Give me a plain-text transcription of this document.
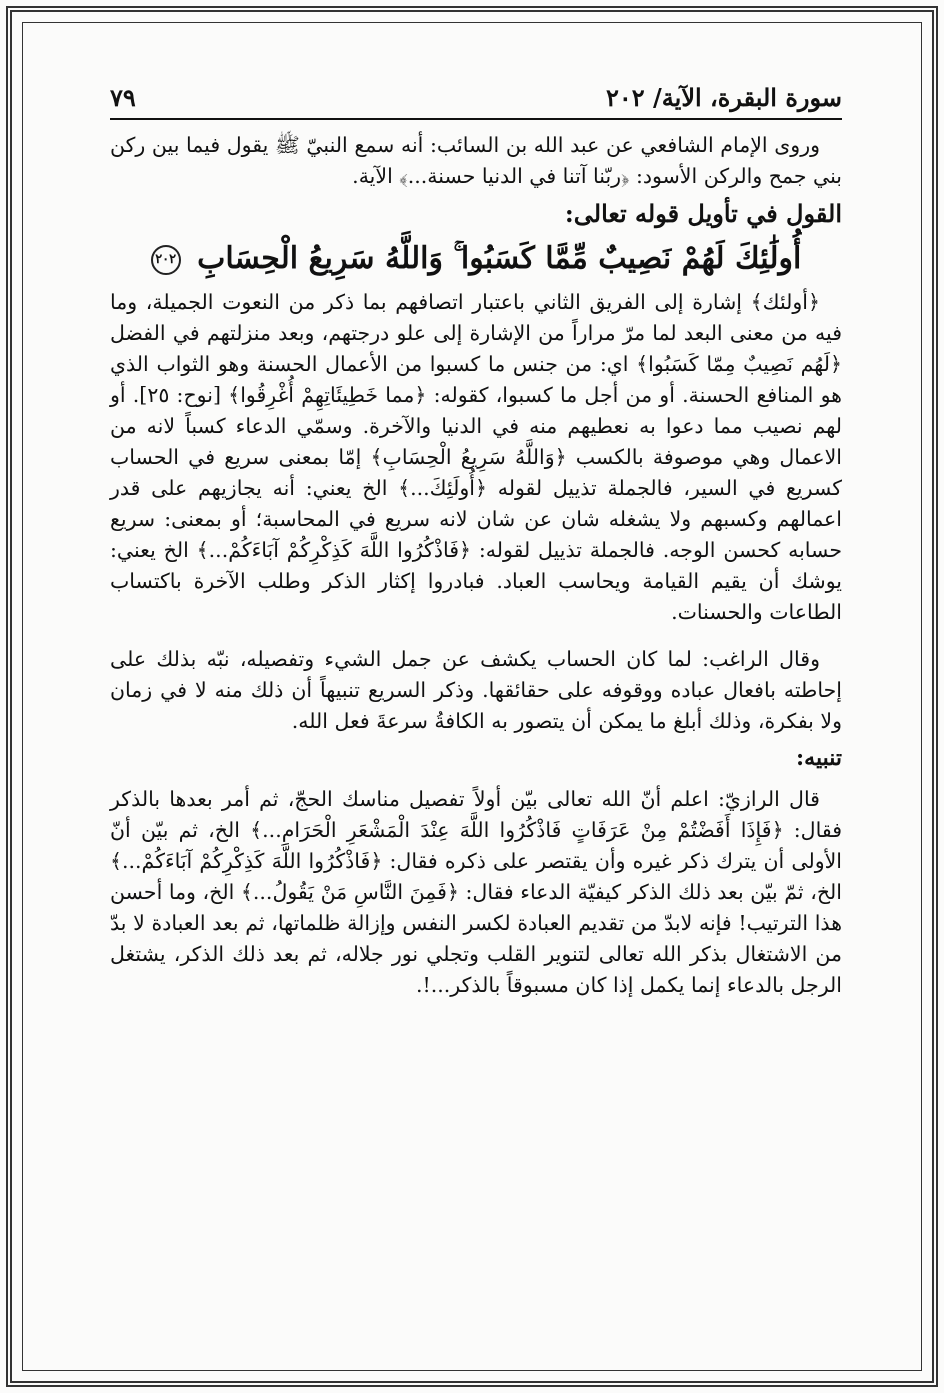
سورة البقرة، الآية/ ٢٠٢
٧٩

وروى الإمام الشافعي عن عبد الله بن السائب: أنه سمع النبيّ ﷺ يقول فيما بين ركن بني جمح والركن الأسود: ﴿ربّنا آتنا في الدنيا حسنة...﴾ الآية.

القول في تأويل قوله تعالى:
أُولَٰئِكَ لَهُمْ نَصِيبٌ مِّمَّا كَسَبُوا ۚ وَاللَّهُ سَرِيعُ الْحِسَابِ ٢٠٢

﴿أولئك﴾ إشارة إلى الفريق الثاني باعتبار اتصافهم بما ذكر من النعوت الجميلة، وما فيه من معنى البعد لما مرّ مراراً من الإشارة إلى علو درجتهم، وبعد منزلتهم في الفضل ﴿لَهُم نَصِيبٌ مِمّا كَسَبُوا﴾ اي: من جنس ما كسبوا من الأعمال الحسنة وهو الثواب الذي هو المنافع الحسنة. أو من أجل ما كسبوا، كقوله: ﴿مما خَطِيئَاتِهِمْ أُغْرِقُوا﴾ [نوح: ٢٥]. أو لهم نصيب مما دعوا به نعطيهم منه في الدنيا والآخرة. وسمّي الدعاء كسباً لانه من الاعمال وهي موصوفة بالكسب ﴿وَاللَّهُ سَرِيعُ الْحِسَابِ﴾ إمّا بمعنى سريع في الحساب كسريع في السير، فالجملة تذييل لقوله ﴿أُولَئِكَ...﴾ الخ يعني: أنه يجازيهم على قدر اعمالهم وكسبهم ولا يشغله شان عن شان لانه سريع في المحاسبة؛ أو بمعنى: سريع حسابه كحسن الوجه. فالجملة تذييل لقوله: ﴿فَاذْكُرُوا اللَّهَ كَذِكْرِكُمْ آبَاءَكُمْ...﴾ الخ يعني: يوشك أن يقيم القيامة ويحاسب العباد. فبادروا إكثار الذكر وطلب الآخرة باكتساب الطاعات والحسنات.

وقال الراغب: لما كان الحساب يكشف عن جمل الشيء وتفصيله، نبّه بذلك على إحاطته بافعال عباده ووقوفه على حقائقها. وذكر السريع تنبيهاً أن ذلك منه لا في زمان ولا بفكرة، وذلك أبلغ ما يمكن أن يتصور به الكافةُ سرعةَ فعل الله.

تنبيه:

قال الرازيّ: اعلم أنّ الله تعالى بيّن أولاً تفصيل مناسك الحجّ، ثم أمر بعدها بالذكر فقال: ﴿فَإِذَا أَفَضْتُمْ مِنْ عَرَفَاتٍ فَاذْكُرُوا اللَّهَ عِنْدَ الْمَشْعَرِ الْحَرَامِ...﴾ الخ، ثم بيّن أنّ الأولى أن يترك ذكر غيره وأن يقتصر على ذكره فقال: ﴿فَاذْكُرُوا اللَّهَ كَذِكْرِكُمْ آبَاءَكُمْ...﴾ الخ، ثمّ بيّن بعد ذلك الذكر كيفيّة الدعاء فقال: ﴿فَمِنَ النَّاسِ مَنْ يَقُولُ...﴾ الخ، وما أحسن هذا الترتيب! فإنه لابدّ من تقديم العبادة لكسر النفس وإزالة ظلماتها، ثم بعد العبادة لا بدّ من الاشتغال بذكر الله تعالى لتنوير القلب وتجلي نور جلاله، ثم بعد ذلك الذكر، يشتغل الرجل بالدعاء إنما يكمل إذا كان مسبوقاً بالذكر...!.
